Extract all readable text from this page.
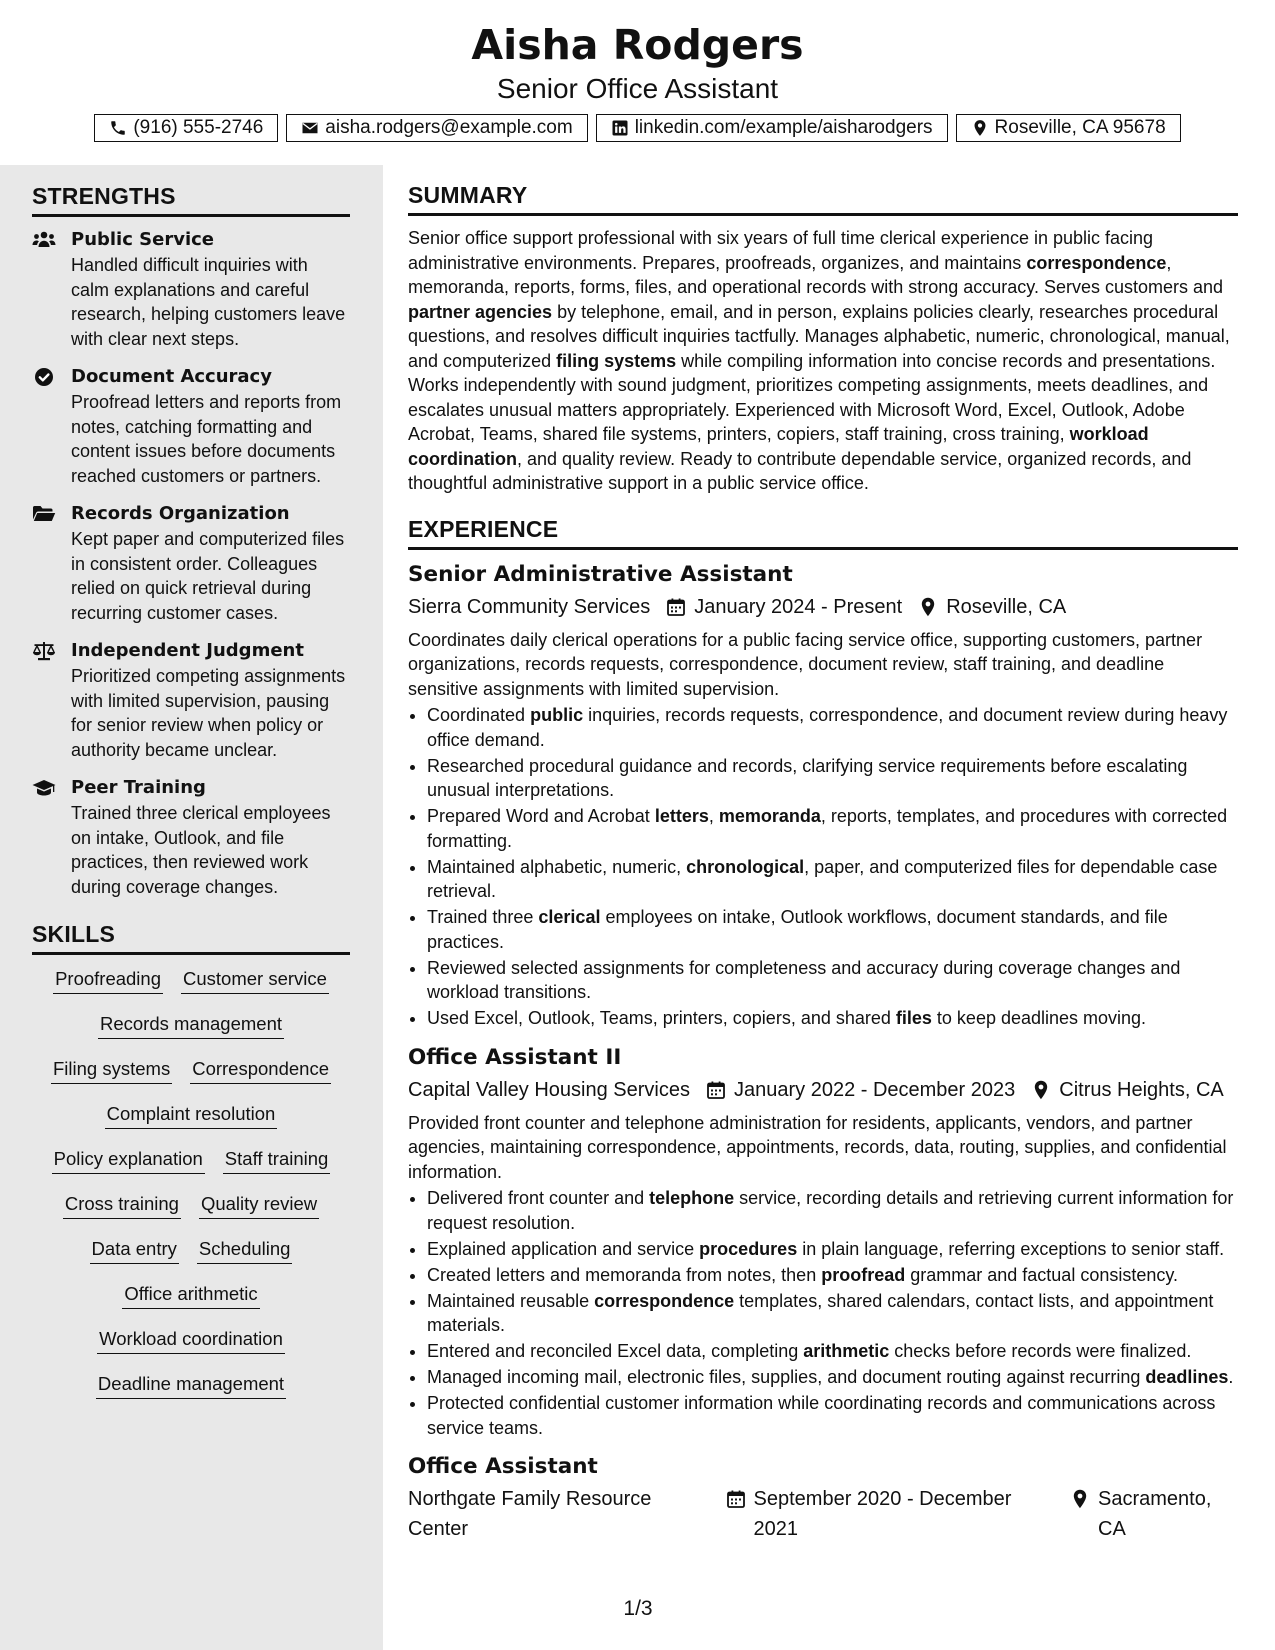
Aisha Rodgers
Senior Office Assistant
(916) 555-2746	aisha.rodgers@example.com	linkedin.com/example/aisharodgers	Roseville, CA 95678
STRENGTHS
Public Service
Handled difficult inquiries with calm explanations and careful research, helping customers leave with clear next steps.
Document Accuracy
Proofread letters and reports from notes, catching formatting and content issues before documents reached customers or partners.
Records Organization
Kept paper and computerized files in consistent order. Colleagues relied on quick retrieval during recurring customer cases.
Independent Judgment
Prioritized competing assignments with limited supervision, pausing for senior review when policy or authority became unclear.
Peer Training
Trained three clerical employees on intake, Outlook, and file practices, then reviewed work during coverage changes.
SKILLS
Proofreading Customer service
Records management
Filing systems Correspondence
Complaint resolution
Policy explanation Staff training
Cross training Quality review
Data entry Scheduling
Office arithmetic
Workload coordination
Deadline management
SUMMARY
Senior office support professional with six years of full time clerical experience in public facing administrative environments. Prepares, proofreads, organizes, and maintains correspondence, memoranda, reports, forms, files, and operational records with strong accuracy. Serves customers and partner agencies by telephone, email, and in person, explains policies clearly, researches procedural questions, and resolves difficult inquiries tactfully. Manages alphabetic, numeric, chronological, manual, and computerized filing systems while compiling information into concise records and presentations. Works independently with sound judgment, prioritizes competing assignments, meets deadlines, and escalates unusual matters appropriately. Experienced with Microsoft Word, Excel, Outlook, Adobe Acrobat, Teams, shared file systems, printers, copiers, staff training, cross training, workload coordination, and quality review. Ready to contribute dependable service, organized records, and thoughtful administrative support in a public service office.
EXPERIENCE
Senior Administrative Assistant
Sierra Community Services January 2024 - Present Roseville, CA
Coordinates daily clerical operations for a public facing service office, supporting customers, partner organizations, records requests, correspondence, document review, staff training, and deadline sensitive assignments with limited supervision.
• Coordinated public inquiries, records requests, correspondence, and document review during heavy office demand.
• Researched procedural guidance and records, clarifying service requirements before escalating unusual interpretations.
• Prepared Word and Acrobat letters, memoranda, reports, templates, and procedures with corrected formatting.
• Maintained alphabetic, numeric, chronological, paper, and computerized files for dependable case retrieval.
• Trained three clerical employees on intake, Outlook workflows, document standards, and file practices.
• Reviewed selected assignments for completeness and accuracy during coverage changes and workload transitions.
• Used Excel, Outlook, Teams, printers, copiers, and shared files to keep deadlines moving.
Office Assistant II
Capital Valley Housing Services January 2022 - December 2023 Citrus Heights, CA
Provided front counter and telephone administration for residents, applicants, vendors, and partner agencies, maintaining correspondence, appointments, records, data, routing, supplies, and confidential information.
• Delivered front counter and telephone service, recording details and retrieving current information for request resolution.
• Explained application and service procedures in plain language, referring exceptions to senior staff.
• Created letters and memoranda from notes, then proofread grammar and factual consistency.
• Maintained reusable correspondence templates, shared calendars, contact lists, and appointment materials.
• Entered and reconciled Excel data, completing arithmetic checks before records were finalized.
• Managed incoming mail, electronic files, supplies, and document routing against recurring deadlines.
• Protected confidential customer information while coordinating records and communications across service teams.
Office Assistant
Northgate Family Resource Center
September 2020 - December 2021
Sacramento, CA
1/3
